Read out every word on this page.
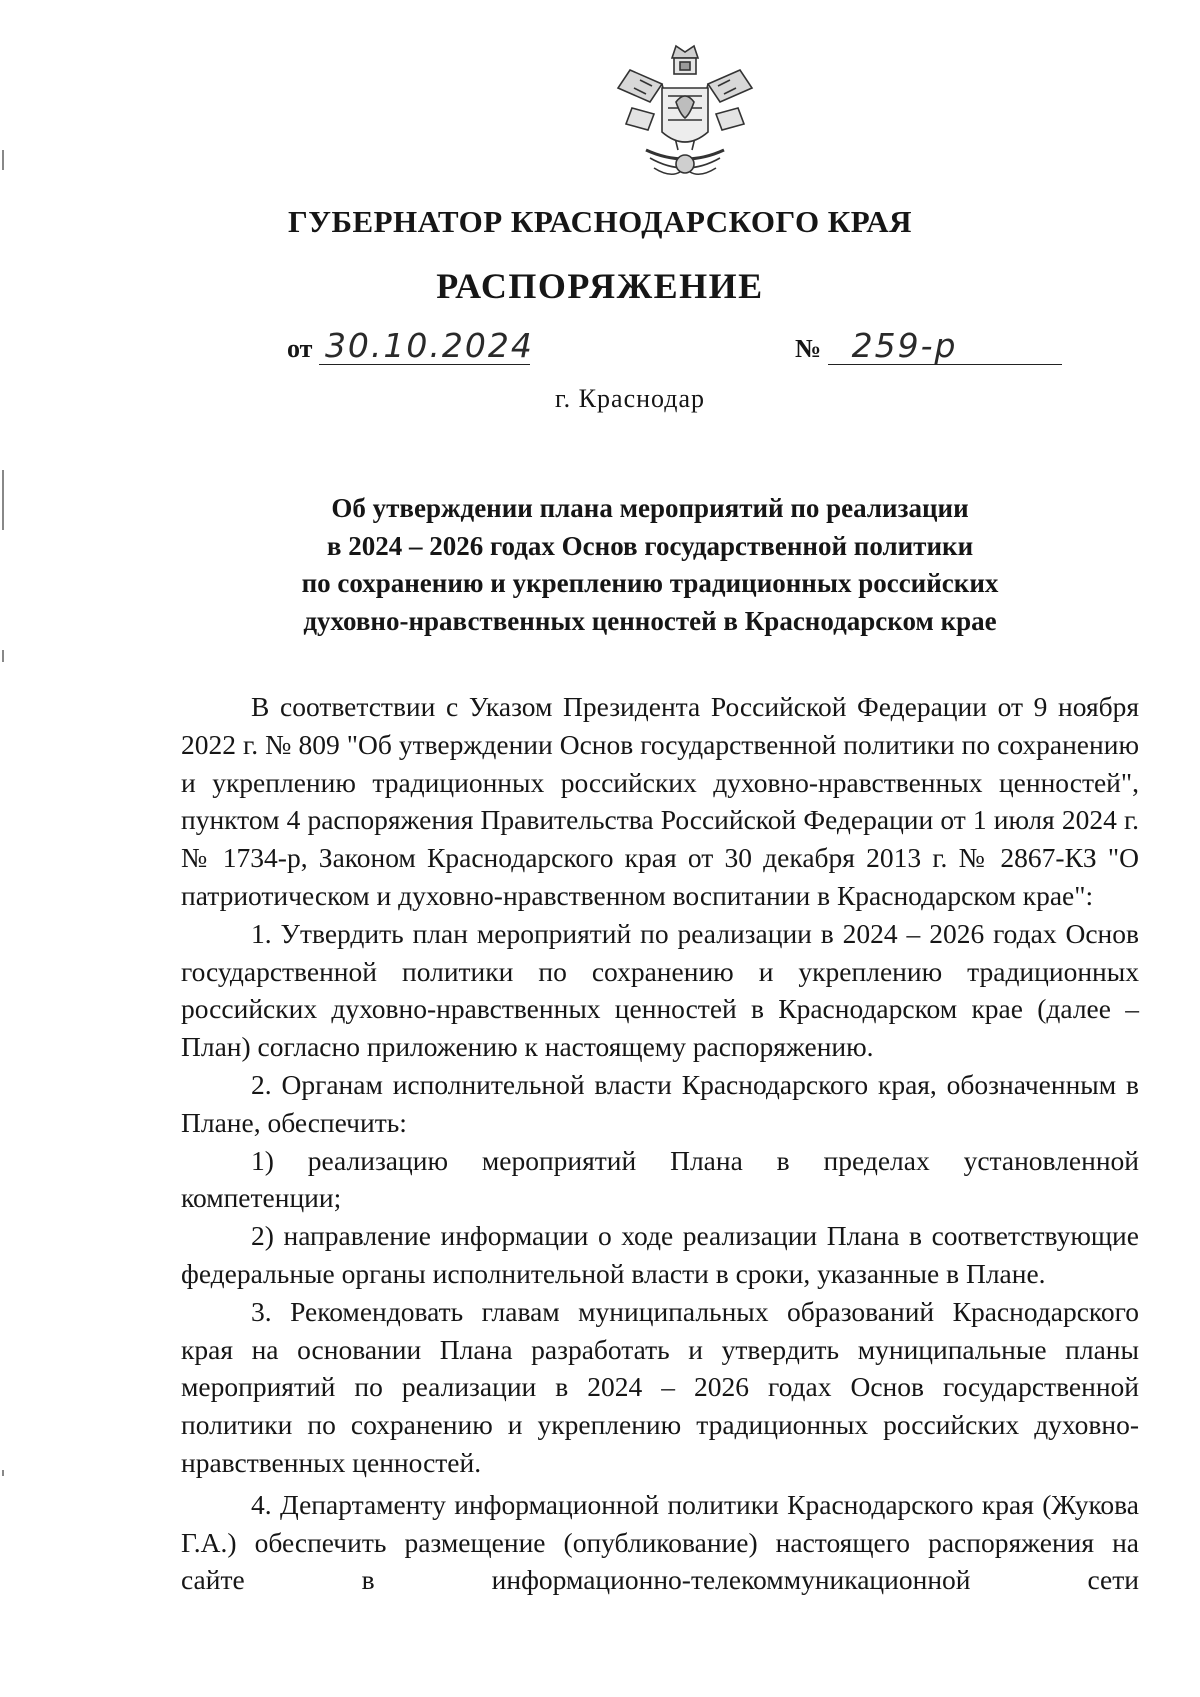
ГУБЕРНАТОР КРАСНОДАРСКОГО КРАЯ
РАСПОРЯЖЕНИЕ
от 30.10.2024	№ 259-р
г. Краснодар
Об утверждении плана мероприятий по реализации
в 2024 – 2026 годах Основ государственной политики
по сохранению и укреплению традиционных российских
духовно-нравственных ценностей в Краснодарском крае

В соответствии с Указом Президента Российской Федерации от 9 ноября 2022 г. № 809 "Об утверждении Основ государственной политики по сохранению и укреплению традиционных российских духовно-нравственных ценностей", пунктом 4 распоряжения Правительства Российской Федерации от 1 июля 2024 г. № 1734-р, Законом Краснодарского края от 30 декабря 2013 г. № 2867-КЗ "О патриотическом и духовно-нравственном воспитании в Краснодарском крае":

1. Утвердить план мероприятий по реализации в 2024 – 2026 годах Основ государственной политики по сохранению и укреплению традиционных российских духовно-нравственных ценностей в Краснодарском крае (далее – План) согласно приложению к настоящему распоряжению.

2. Органам исполнительной власти Краснодарского края, обозначенным в Плане, обеспечить:

1) реализацию мероприятий Плана в пределах установленной компетенции;

2) направление информации о ходе реализации Плана в соответствующие федеральные органы исполнительной власти в сроки, указанные в Плане.

3. Рекомендовать главам муниципальных образований Краснодарского края на основании Плана разработать и утвердить муниципальные планы мероприятий по реализации в 2024 – 2026 годах Основ государственной политики по сохранению и укреплению традиционных российских духовно-нравственных ценностей.

4. Департаменту информационной политики Краснодарского края (Жукова Г.А.) обеспечить размещение (опубликование) настоящего распоряжения на сайте в информационно-телекоммуникационной сети
